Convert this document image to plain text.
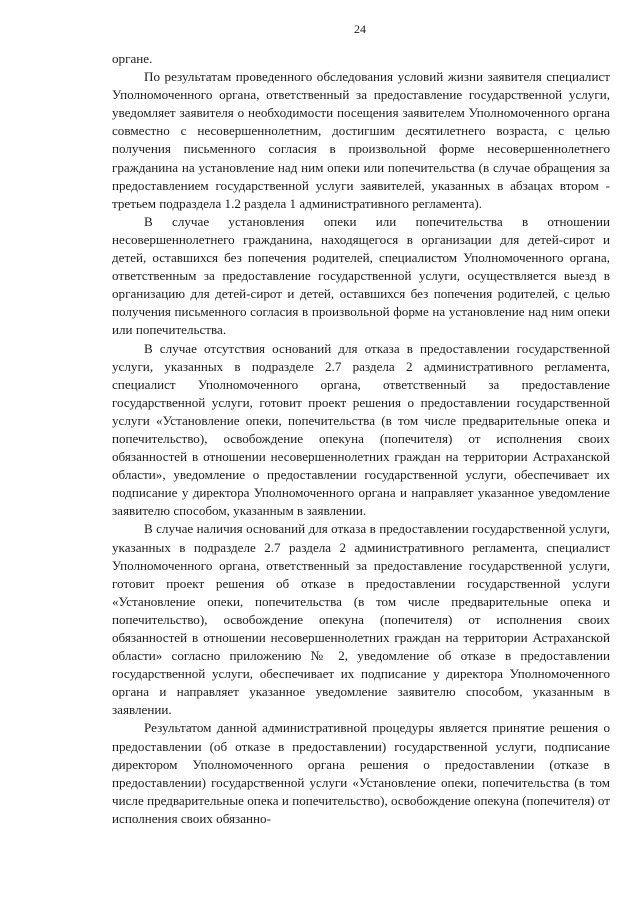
24

органе.

По результатам проведенного обследования условий жизни заявителя специалист Уполномоченного органа, ответственный за предоставление государственной услуги, уведомляет заявителя о необходимости посещения заявителем Уполномоченного органа совместно с несовершеннолетним, достигшим десятилетнего возраста, с целью получения письменного согласия в произвольной форме несовершеннолетнего гражданина на установление над ним опеки или попечительства (в случае обращения за предоставлением государственной услуги заявителей, указанных в абзацах втором - третьем подраздела 1.2 раздела 1 административного регламента).

В случае установления опеки или попечительства в отношении несовершеннолетнего гражданина, находящегося в организации для детей-сирот и детей, оставшихся без попечения родителей, специалистом Уполномоченного органа, ответственным за предоставление государственной услуги, осуществляется выезд в организацию для детей-сирот и детей, оставшихся без попечения родителей, с целью получения письменного согласия в произвольной форме на установление над ним опеки или попечительства.

В случае отсутствия оснований для отказа в предоставлении государственной услуги, указанных в подразделе 2.7 раздела 2 административного регламента, специалист Уполномоченного органа, ответственный за предоставление государственной услуги, готовит проект решения о предоставлении государственной услуги «Установление опеки, попечительства (в том числе предварительные опека и попечительство), освобождение опекуна (попечителя) от исполнения своих обязанностей в отношении несовершеннолетних граждан на территории Астраханской области», уведомление о предоставлении государственной услуги, обеспечивает их подписание у директора Уполномоченного органа и направляет указанное уведомление заявителю способом, указанным в заявлении.

В случае наличия оснований для отказа в предоставлении государственной услуги, указанных в подразделе 2.7 раздела 2 административного регламента, специалист Уполномоченного органа, ответственный за предоставление государственной услуги, готовит проект решения об отказе в предоставлении государственной услуги «Установление опеки, попечительства (в том числе предварительные опека и попечительство), освобождение опекуна (попечителя) от исполнения своих обязанностей в отношении несовершеннолетних граждан на территории Астраханской области» согласно приложению № 2, уведомление об отказе в предоставлении государственной услуги, обеспечивает их подписание у директора Уполномоченного органа и направляет указанное уведомление заявителю способом, указанным в заявлении.

Результатом данной административной процедуры является принятие решения о предоставлении (об отказе в предоставлении) государственной услуги, подписание директором Уполномоченного органа решения о предоставлении (отказе в предоставлении) государственной услуги «Установление опеки, попечительства (в том числе предварительные опека и попечительство), освобождение опекуна (попечителя) от исполнения своих обязанно-
